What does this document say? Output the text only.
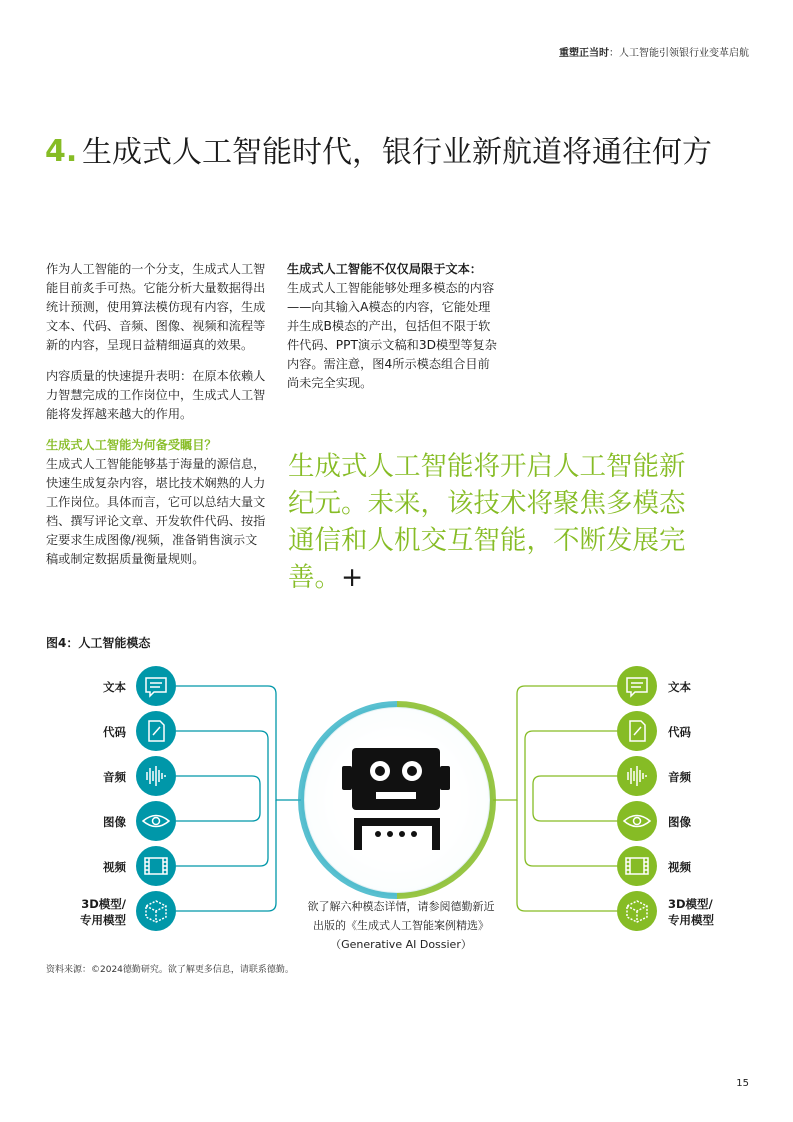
重塑正当时：人工智能引领银行业变革启航
4. 生成式人工智能时代，银行业新航道将通往何方

作为人工智能的一个分支，生成式人工智能目前炙手可热。它能分析大量数据得出统计预测，使用算法模仿现有内容，生成文本、代码、音频、图像、视频和流程等新的内容，呈现日益精细逼真的效果。

内容质量的快速提升表明：在原本依赖人力智慧完成的工作岗位中，生成式人工智能将发挥越来越大的作用。

生成式人工智能为何备受瞩目？

生成式人工智能能够基于海量的源信息，快速生成复杂内容，堪比技术娴熟的人力工作岗位。具体而言，它可以总结大量文档、撰写评论文章、开发软件代码、按指定要求生成图像/视频，准备销售演示文稿或制定数据质量衡量规则。

生成式人工智能不仅仅局限于文本：

生成式人工智能能够处理多模态的内容——向其输入A模态的内容，它能处理并生成B模态的产出，包括但不限于软件代码、PPT演示文稿和3D模型等复杂内容。需注意，图4所示模态组合目前尚未完全实现。

生成式人工智能将开启人工智能新纪元。未来，该技术将聚焦多模态通信和人机交互智能，不断发展完善。+
图4：人工智能模态
文本
代码
音频
图像
视频
3D模型/
专用模型
文本
代码
音频
图像
视频
3D模型/
专用模型
欲了解六种模态详情，请参阅德勤新近
出版的《生成式人工智能案例精选》
（Generative AI Dossier）
资料来源：©2024德勤研究。欲了解更多信息，请联系德勤。
15
